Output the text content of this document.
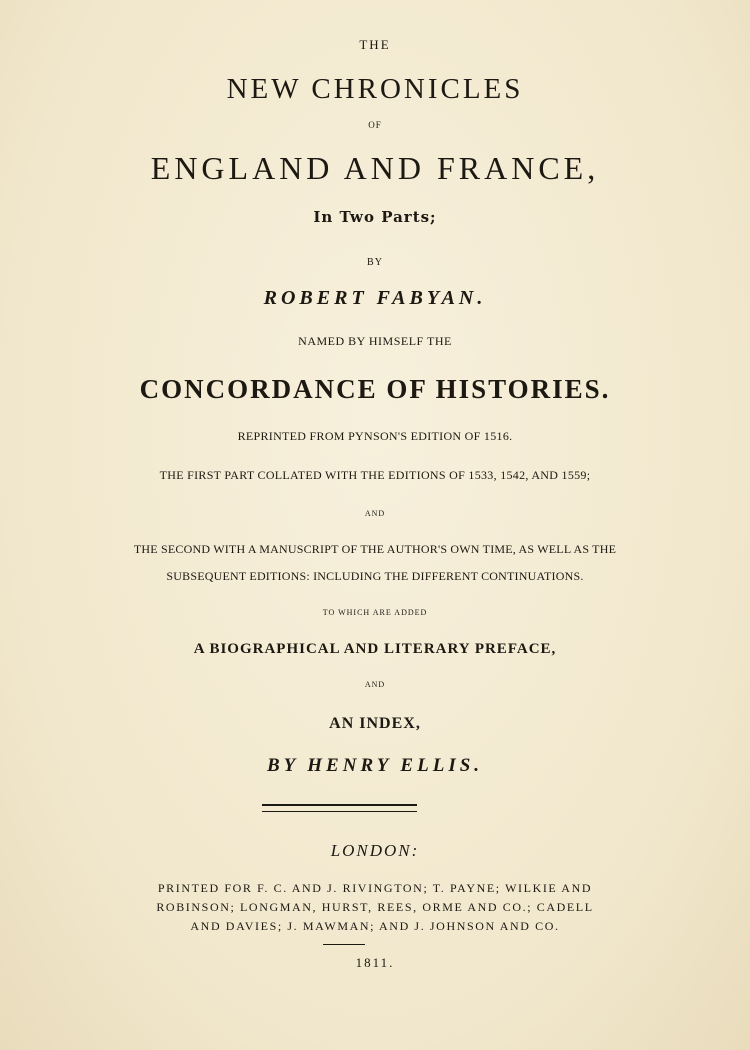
THE
NEW CHRONICLES
OF
ENGLAND AND FRANCE,
In Two Parts;
BY
ROBERT FABYAN.
NAMED BY HIMSELF THE
CONCORDANCE OF HISTORIES.
REPRINTED FROM PYNSON'S EDITION OF 1516.
THE FIRST PART COLLATED WITH THE EDITIONS OF 1533, 1542, AND 1559;
AND
THE SECOND WITH A MANUSCRIPT OF THE AUTHOR'S OWN TIME, AS WELL AS THE
SUBSEQUENT EDITIONS: INCLUDING THE DIFFERENT CONTINUATIONS.
TO WHICH ARE ADDED
A BIOGRAPHICAL AND LITERARY PREFACE,
AND
AN INDEX,
BY HENRY ELLIS.
LONDON:
PRINTED FOR F. C. AND J. RIVINGTON; T. PAYNE; WILKIE AND
ROBINSON; LONGMAN, HURST, REES, ORME AND CO.; CADELL
AND DAVIES; J. MAWMAN; AND J. JOHNSON AND CO.
1811.
